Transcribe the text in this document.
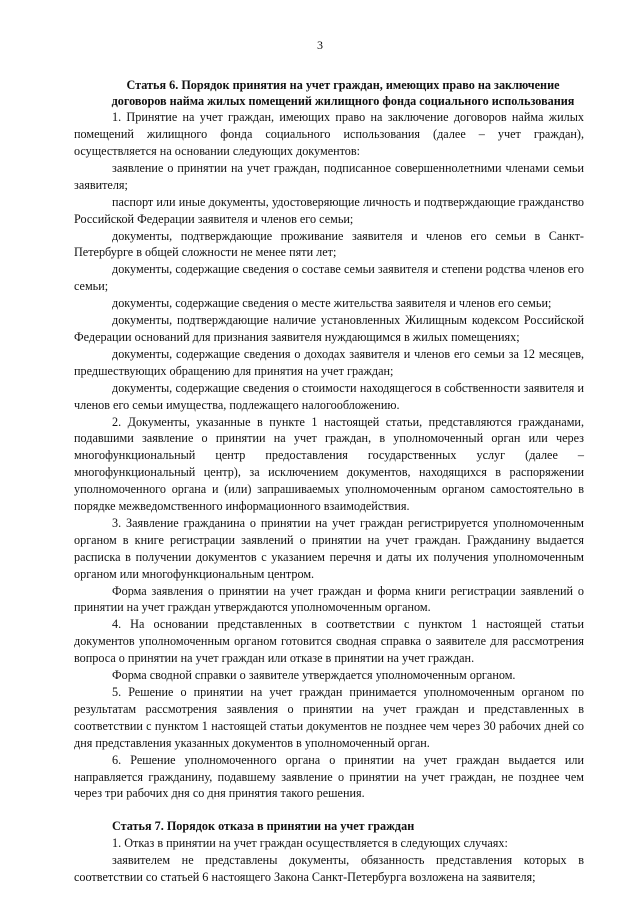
3

Статья 6. Порядок принятия на учет граждан, имеющих право на заключение договоров найма жилых помещений жилищного фонда социального использования

1. Принятие на учет граждан, имеющих право на заключение договоров найма жилых помещений жилищного фонда социального использования (далее – учет граждан), осуществляется на основании следующих документов:

заявление о принятии на учет граждан, подписанное совершеннолетними членами семьи заявителя;

паспорт или иные документы, удостоверяющие личность и подтверждающие гражданство Российской Федерации заявителя и членов его семьи;

документы, подтверждающие проживание заявителя и членов его семьи в Санкт-Петербурге в общей сложности не менее пяти лет;

документы, содержащие сведения о составе семьи заявителя и степени родства членов его семьи;

документы, содержащие сведения о месте жительства заявителя и членов его семьи;

документы, подтверждающие наличие установленных Жилищным кодексом Российской Федерации оснований для признания заявителя нуждающимся в жилых помещениях;

документы, содержащие сведения о доходах заявителя и членов его семьи за 12 месяцев, предшествующих обращению для принятия на учет граждан;

документы, содержащие сведения о стоимости находящегося в собственности заявителя и членов его семьи имущества, подлежащего налогообложению.

2. Документы, указанные в пункте 1 настоящей статьи, представляются гражданами, подавшими заявление о принятии на учет граждан, в уполномоченный орган или через многофункциональный центр предоставления государственных услуг (далее – многофункциональный центр), за исключением документов, находящихся в распоряжении уполномоченного органа и (или) запрашиваемых уполномоченным органом самостоятельно в порядке межведомственного информационного взаимодействия.

3. Заявление гражданина о принятии на учет граждан регистрируется уполномоченным органом в книге регистрации заявлений о принятии на учет граждан. Гражданину выдается расписка в получении документов с указанием перечня и даты их получения уполномоченным органом или многофункциональным центром.

Форма заявления о принятии на учет граждан и форма книги регистрации заявлений о принятии на учет граждан утверждаются уполномоченным органом.

4. На основании представленных в соответствии с пунктом 1 настоящей статьи документов уполномоченным органом готовится сводная справка о заявителе для рассмотрения вопроса о принятии на учет граждан или отказе в принятии на учет граждан.

Форма сводной справки о заявителе утверждается уполномоченным органом.

5. Решение о принятии на учет граждан принимается уполномоченным органом по результатам рассмотрения заявления о принятии на учет граждан и представленных в соответствии с пунктом 1 настоящей статьи документов не позднее чем через 30 рабочих дней со дня представления указанных документов в уполномоченный орган.

6. Решение уполномоченного органа о принятии на учет граждан выдается или направляется гражданину, подавшему заявление о принятии на учет граждан, не позднее чем через три рабочих дня со дня принятия такого решения.

Статья 7. Порядок отказа в принятии на учет граждан

1. Отказ в принятии на учет граждан осуществляется в следующих случаях:

заявителем не представлены документы, обязанность представления которых в соответствии со статьей 6 настоящего Закона Санкт-Петербурга возложена на заявителя;
